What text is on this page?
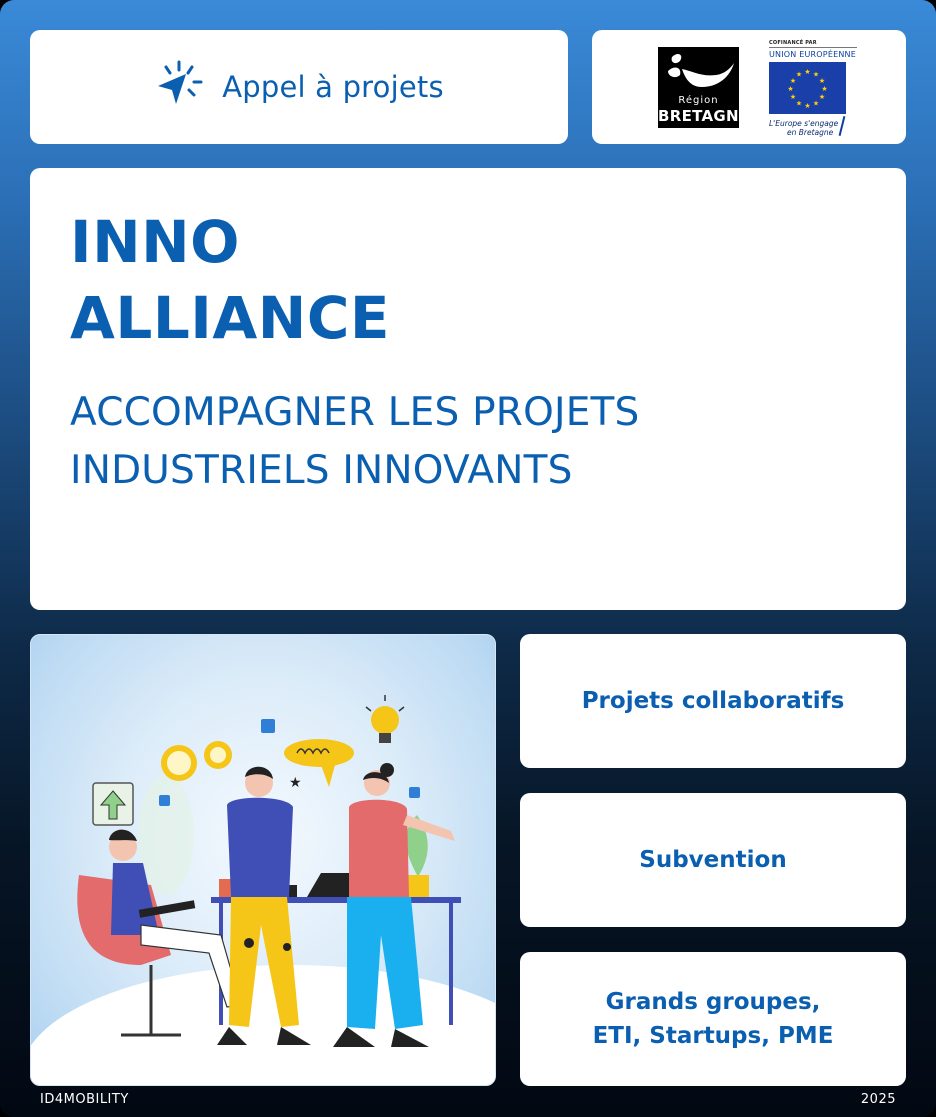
Appel à projets	Région
BRETAGNE
COFINANCÉ PAR
UNION EUROPÉENNE
★ ★
★
★
★
★
★
★
★
★
★
★
L'Europe s'engage
en Bretagne
INNO
ALLIANCE
ACCOMPAGNER LES PROJETS
INDUSTRIELS INNOVANTS
★
Projets collaboratifs
Subvention
Grands groupes, ETI, Startups, PME
ID4MOBILITY	2025
